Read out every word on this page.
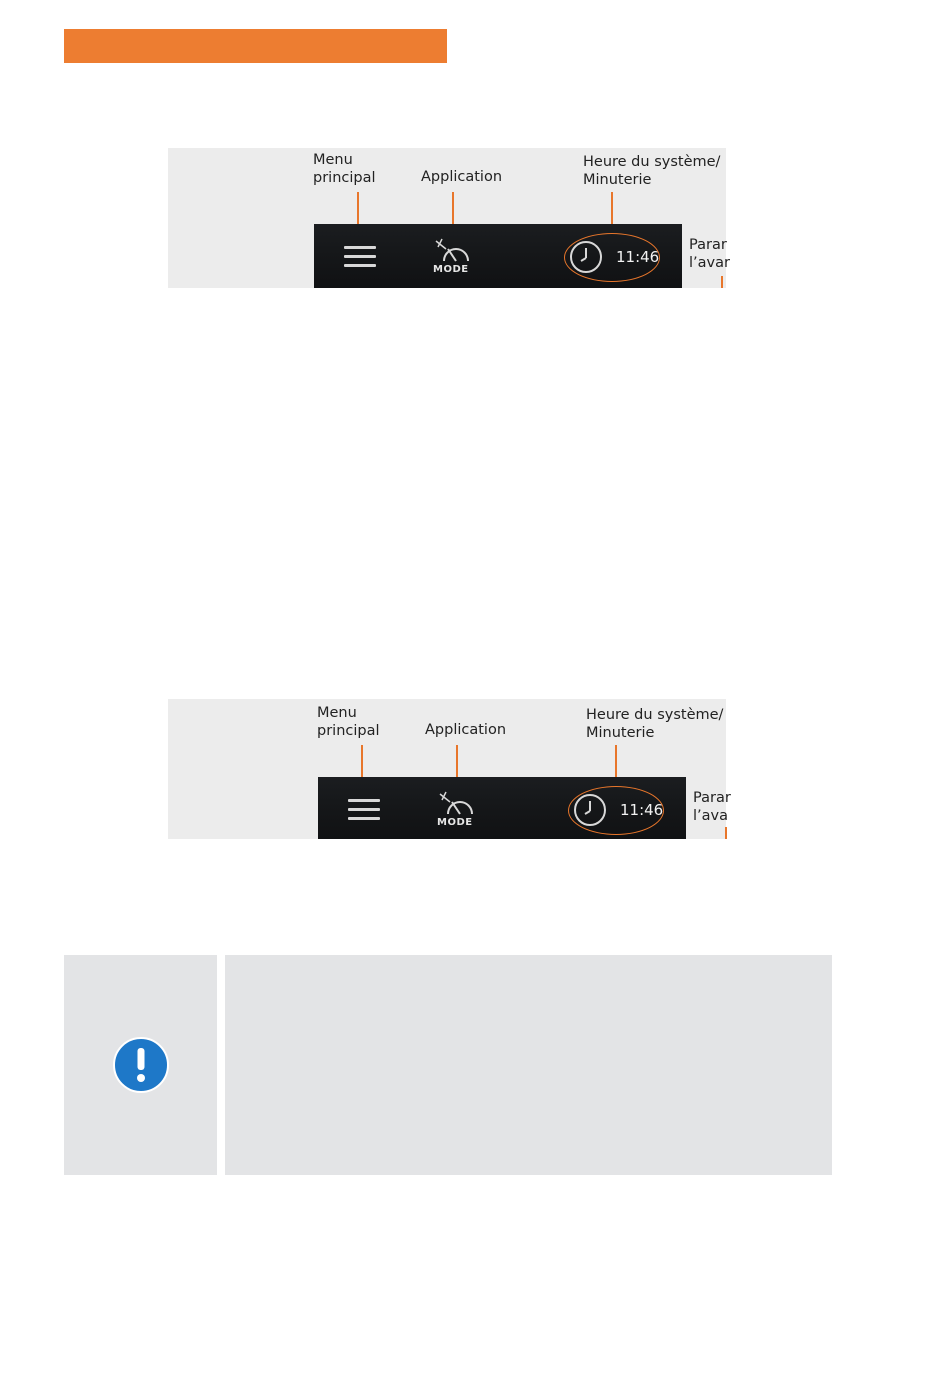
Menu
principal	Application
Heure du système/
Minuterie
Parar
l’avar
MODE
11:46
Menu
principal	Application
Heure du système/
Minuterie
Parar
l’ava
MODE
11:46
